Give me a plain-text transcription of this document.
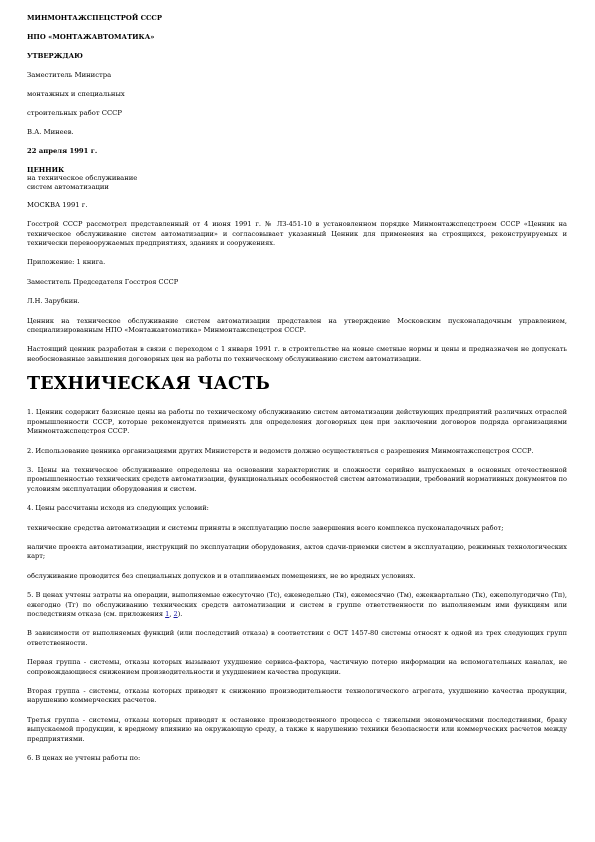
МИНМОНТАЖСПЕЦСТРОЙ СССР

НПО «МОНТАЖАВТОМАТИКА»

УТВЕРЖДАЮ

Заместитель Министра

монтажных и специальных

строительных работ СССР

В.А. Минеев.

22 апреля 1991 г.

ЦЕННИК

на техническое обслуживание

систем автоматизации

МОСКВА 1991 г.

Госстрой СССР рассмотрел представленный от 4 июня 1991 г. № ЛЗ-451-10 в установленном порядке Минмонтажспецстроем СССР «Ценник на техническое обслуживание систем автоматизации» и согласовывает указанный Ценник для применения на строящихся, реконструируемых и технически перевооружаемых предприятиях, зданиях и сооружениях.

Приложение: 1 книга.

Заместитель Председателя Госстроя СССР

Л.Н. Зарубкин.

Ценник на техническое обслуживание систем автоматизации представлен на утверждение Московским пусконаладочным управлением, специализированным НПО «Монтажавтоматика» Минмонтажспецстроя СССР.

Настоящий ценник разработан в связи с переходом с 1 января 1991 г. в строительстве на новые сметные нормы и цены и предназначен не допускать необоснованные завышения договорных цен на работы по техническому обслуживанию систем автоматизации.

ТЕХНИЧЕСКАЯ ЧАСТЬ

1. Ценник содержит базисные цены на работы по техническому обслуживанию систем автоматизации действующих предприятий различных отраслей промышленности СССР, которые рекомендуется применять для определения договорных цен при заключении договоров подряда организациями Минмонтажспецстроя СССР.

2. Использование ценника организациями других Министерств и ведомств должно осуществляться с разрешения Минмонтажспецстроя СССР.

3. Цены на техническое обслуживание определены на основании характеристик и сложности серийно выпускаемых в основных отечественной промышленностью технических средств автоматизации, функциональных особенностей систем автоматизации, требований нормативных документов по условиям эксплуатации оборудования и систем.

4. Цены рассчитаны исходя из следующих условий:

технические средства автоматизации и системы приняты в эксплуатацию после завершения всего комплекса пусконаладочных работ;

наличие проекта автоматизации, инструкций по эксплуатации оборудования, актов сдачи-приемки систем в эксплуатацию, режимных технологических карт;

обслуживание проводится без специальных допусков и в отапливаемых помещениях, не во вредных условиях.

5. В ценах учтены затраты на операции, выполняемые ежесуточно (Тс), еженедельно (Тн), ежемесячно (Тм), ежеквартально (Тк), ежеполугодично (Тп), ежегодно (Тг) по обслуживанию технических средств автоматизации и систем в группе ответственности по выполняемым ими функциям или последствиям отказа (см. приложения 1, 2).

В зависимости от выполняемых функций (или последствий отказа) в соответствии с ОСТ 1457-80 системы относят к одной из трех следующих групп ответственности.

Первая группа - системы, отказы которых вызывают ухудшение сервиса-фактора, частичную потерю информации на вспомогательных каналах, не сопровождающиеся снижением производительности и ухудшением качества продукции.

Вторая группа - системы, отказы которых приводят к снижению производительности технологического агрегата, ухудшению качества продукции, нарушению коммерческих расчетов.

Третья группа - системы, отказы которых приводят к остановке производственного процесса с тяжелыми экономическими последствиями, браку выпускаемой продукции, к вредному влиянию на окружающую среду, а также к нарушению техники безопасности или коммерческих расчетов между предприятиями.

6. В ценах не учтены работы по:
